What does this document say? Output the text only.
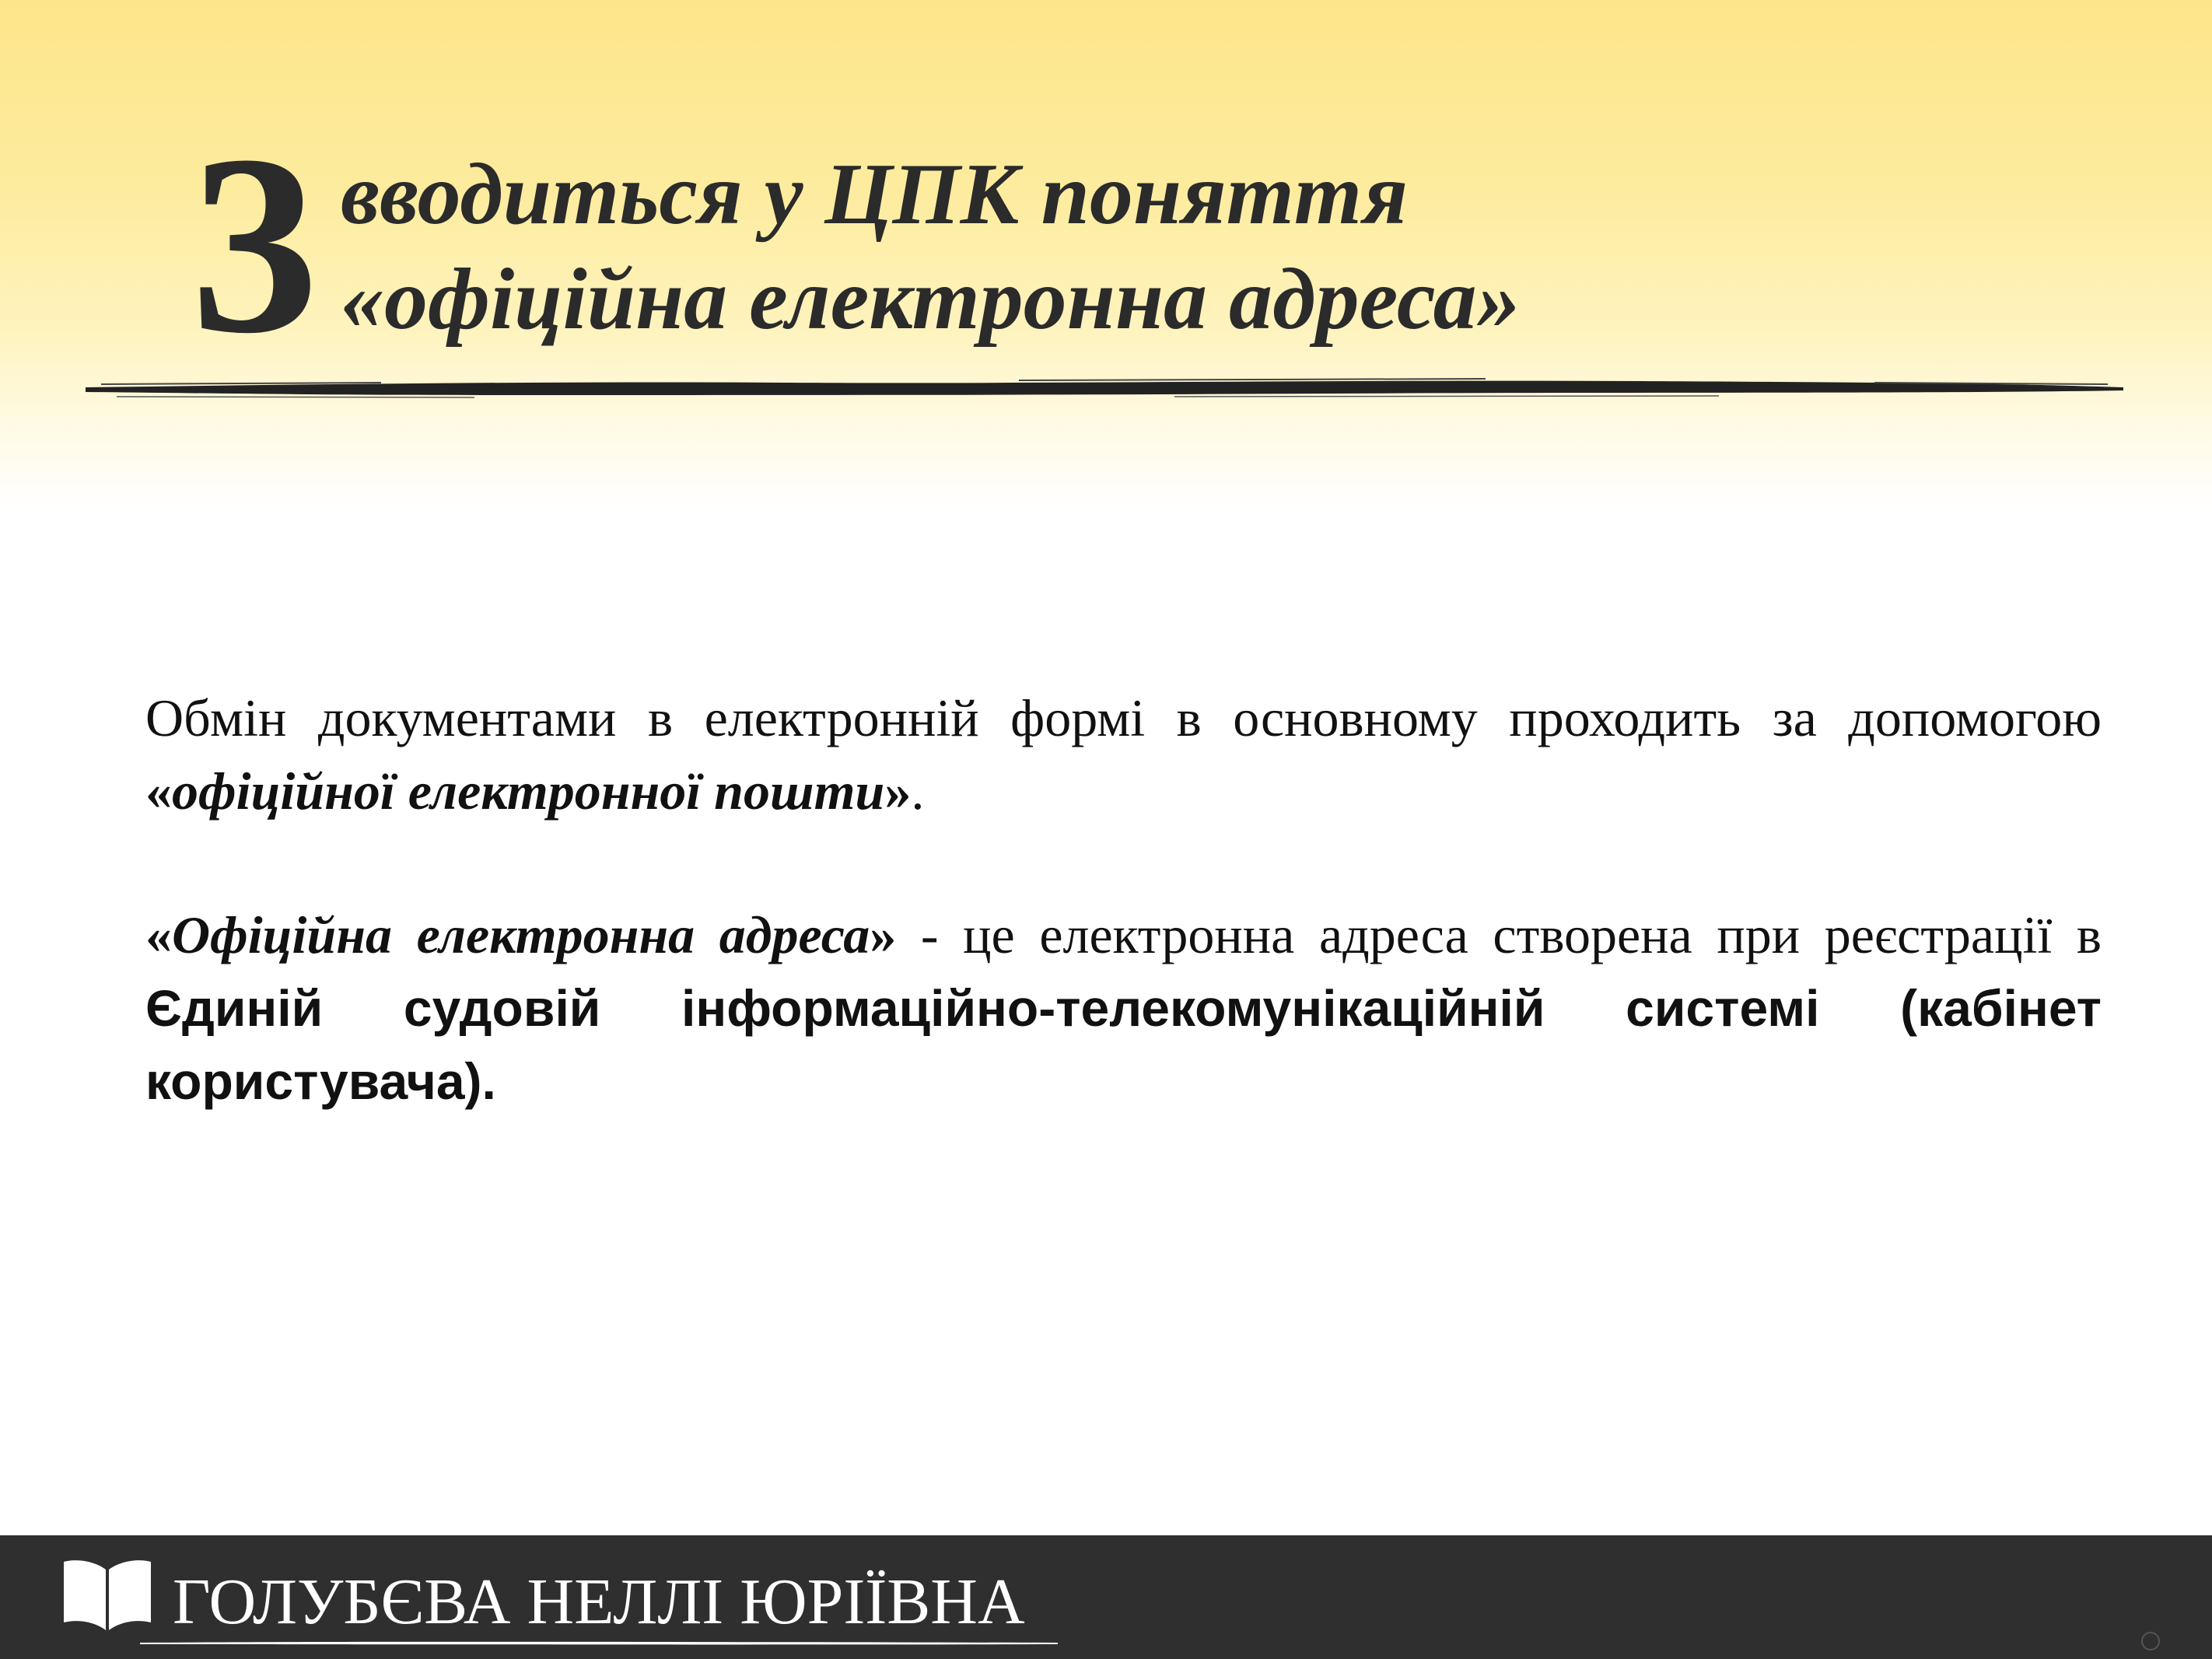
3 вводиться у ЦПК поняття
«офіційна електронна адреса»

Обмін документами в електронній формі в основному проходить за допомогою «офіційної електронної пошти».

«Офіційна електронна адреса» - це електронна адреса створена при реєстрації в Єдиній судовій інформаційно-телекомунікаційній системі (кабінет користувача).

ГОЛУБЄВА НЕЛЛІ ЮРІЇВНА
